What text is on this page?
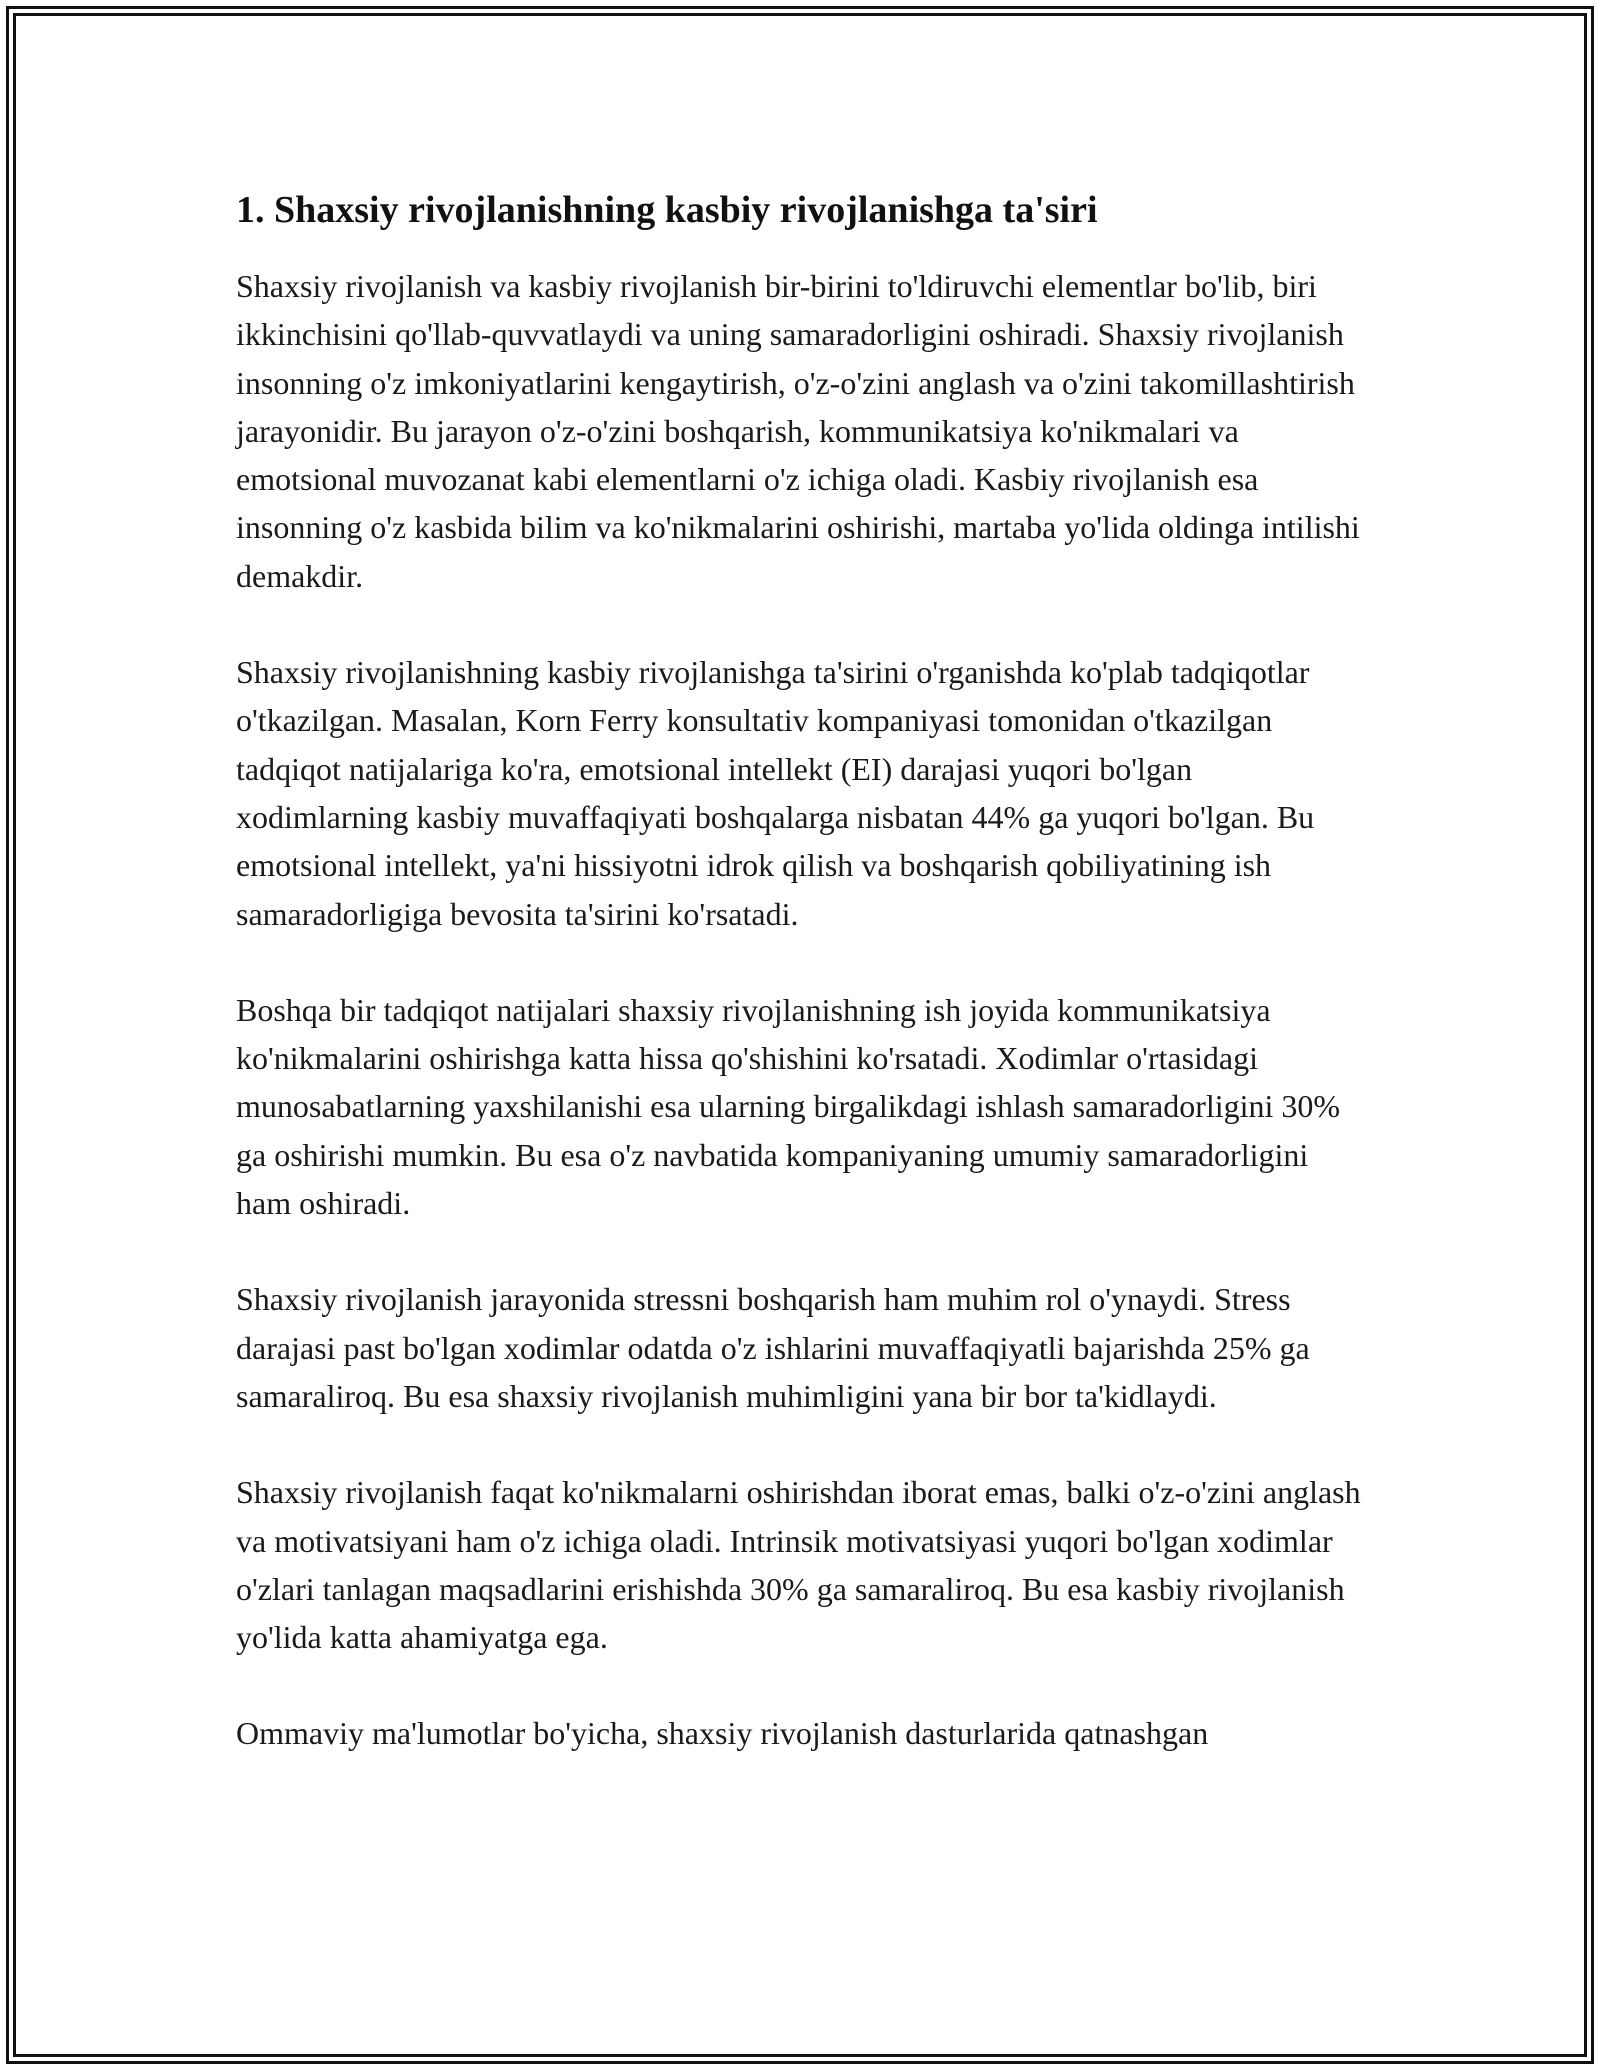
1. Shaxsiy rivojlanishning kasbiy rivojlanishga ta'siri

Shaxsiy rivojlanish va kasbiy rivojlanish bir-birini to'ldiruvchi elementlar bo'lib, biri ikkinchisini qo'llab-quvvatlaydi va uning samaradorligini oshiradi. Shaxsiy rivojlanish insonning o'z imkoniyatlarini kengaytirish, o'z-o'zini anglash va o'zini takomillashtirish jarayonidir. Bu jarayon o'z-o'zini boshqarish, kommunikatsiya ko'nikmalari va emotsional muvozanat kabi elementlarni o'z ichiga oladi. Kasbiy rivojlanish esa insonning o'z kasbida bilim va ko'nikmalarini oshirishi, martaba yo'lida oldinga intilishi demakdir.

Shaxsiy rivojlanishning kasbiy rivojlanishga ta'sirini o'rganishda ko'plab tadqiqotlar o'tkazilgan. Masalan, Korn Ferry konsultativ kompaniyasi tomonidan o'tkazilgan tadqiqot natijalariga ko'ra, emotsional intellekt (EI) darajasi yuqori bo'lgan xodimlarning kasbiy muvaffaqiyati boshqalarga nisbatan 44% ga yuqori bo'lgan. Bu emotsional intellekt, ya'ni hissiyotni idrok qilish va boshqarish qobiliyatining ish samaradorligiga bevosita ta'sirini ko'rsatadi.

Boshqa bir tadqiqot natijalari shaxsiy rivojlanishning ish joyida kommunikatsiya ko'nikmalarini oshirishga katta hissa qo'shishini ko'rsatadi. Xodimlar o'rtasidagi munosabatlarning yaxshilanishi esa ularning birgalikdagi ishlash samaradorligini 30% ga oshirishi mumkin. Bu esa o'z navbatida kompaniyaning umumiy samaradorligini ham oshiradi.

Shaxsiy rivojlanish jarayonida stressni boshqarish ham muhim rol o'ynaydi. Stress darajasi past bo'lgan xodimlar odatda o'z ishlarini muvaffaqiyatli bajarishda 25% ga samaraliroq. Bu esa shaxsiy rivojlanish muhimligini yana bir bor ta'kidlaydi.

Shaxsiy rivojlanish faqat ko'nikmalarni oshirishdan iborat emas, balki o'z-o'zini anglash va motivatsiyani ham o'z ichiga oladi. Intrinsik motivatsiyasi yuqori bo'lgan xodimlar o'zlari tanlagan maqsadlarini erishishda 30% ga samaraliroq. Bu esa kasbiy rivojlanish yo'lida katta ahamiyatga ega.

Ommaviy ma'lumotlar bo'yicha, shaxsiy rivojlanish dasturlarida qatnashgan
